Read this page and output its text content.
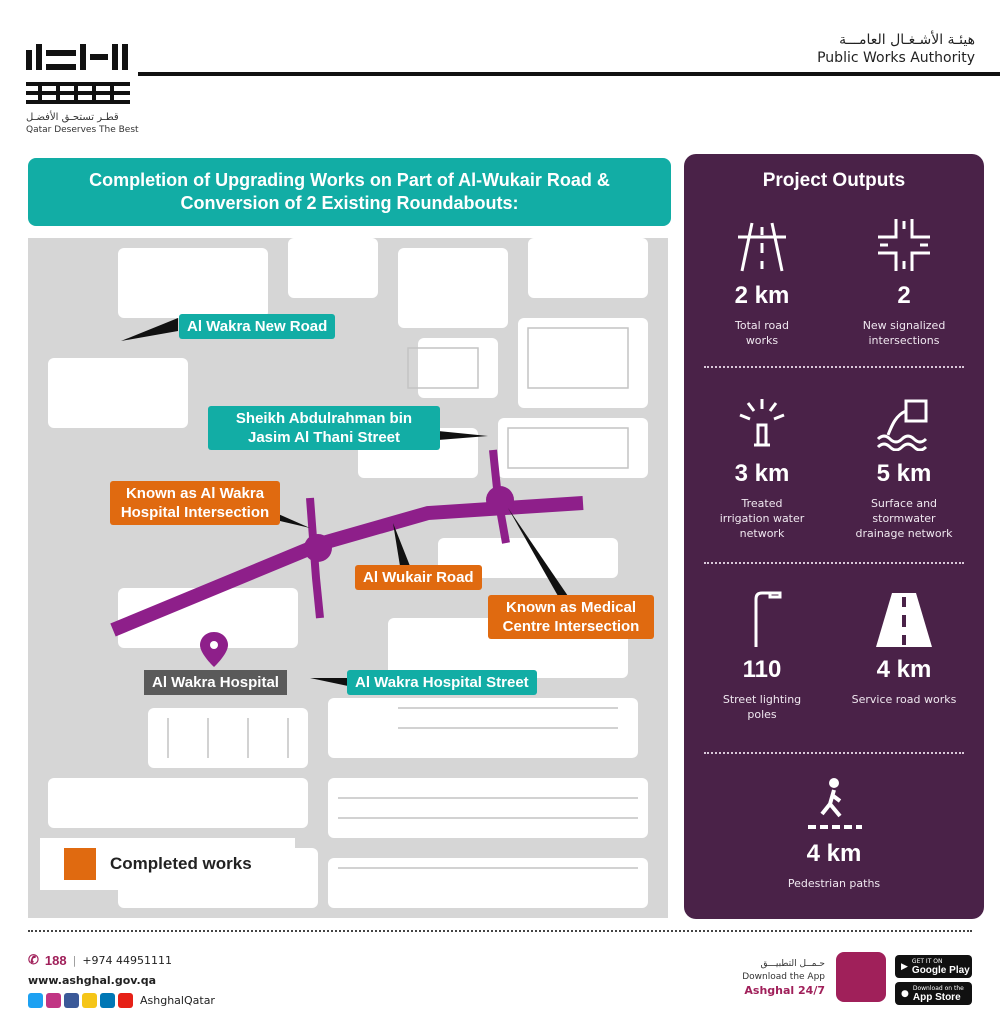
قطـر تستحـق الأفضـل
Qatar Deserves The Best
هيئـة الأشـغـال العامـــة
Public Works Authority
Completion of Upgrading Works on Part of Al-Wukair Road &
Conversion of 2 Existing Roundabouts:
Al Wakra New Road
Sheikh Abdulrahman bin
Jasim Al Thani Street
Known as Al Wakra
Hospital Intersection
Al Wukair Road
Known as Medical
Centre Intersection
Al Wakra Hospital	Al Wakra Hospital Street
Completed works
Project Outputs
2 km
Total road
works
2
New signalized
intersections
3 km
Treated
irrigation water
network
5 km
Surface and
stormwater
drainage network
110
Street lighting
poles
4 km
Service road works
4 km
Pedestrian paths
✆ 188 | +974 44951111
www.ashghal.gov.qa
AshghalQatar
حـمــل التطبيـــق
Download the App
Ashghal 24/7
▶
GET IT ON
Google Play
●
Download on the
App Store
